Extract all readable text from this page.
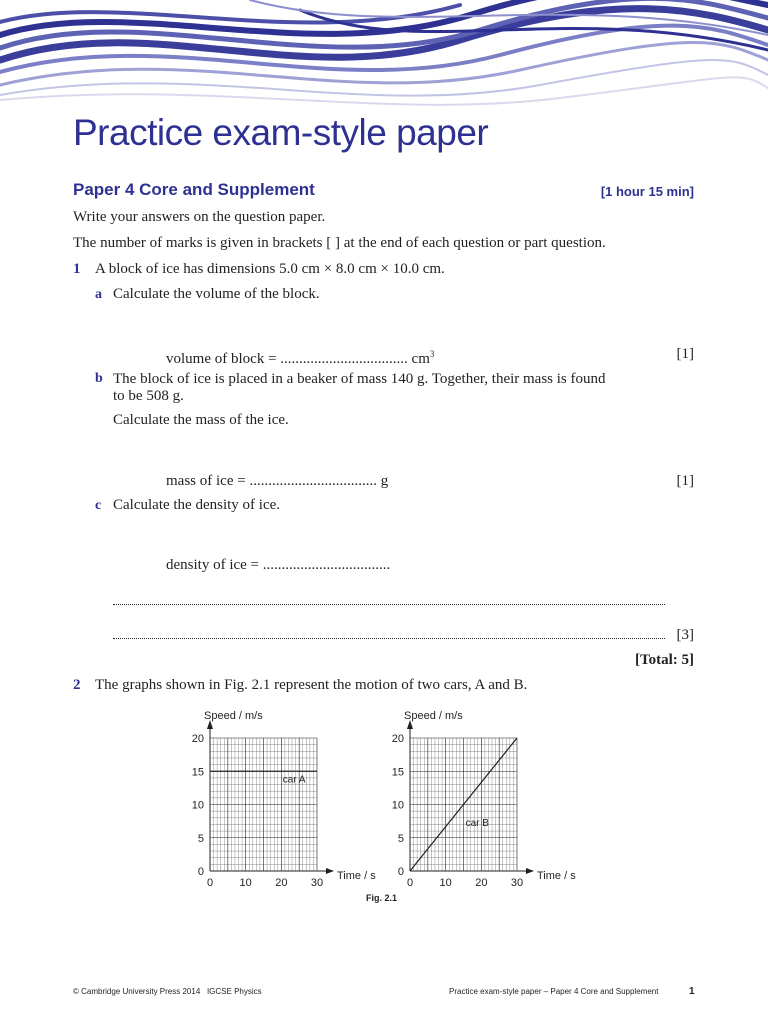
Practice exam-style paper
Paper 4 Core and Supplement	[1 hour 15 min]
Write your answers on the question paper.
The number of marks is given in brackets [ ] at the end of each question or part question.
1 A block of ice has dimensions 5.0 cm × 8.0 cm × 10.0 cm.
a Calculate the volume of the block.
volume of block = .................................. $cm^3$	[1]
b The block of ice is placed in a beaker of mass 140 g. Together, their mass is found
to be 508 g.
Calculate the mass of the ice.
mass of ice = .................................. g	[1]
c Calculate the density of ice.
density of ice = ..................................
[3]
[Total: 5]
2 The graphs shown in Fig. 2.1 represent the motion of two cars, A and B.
0
5
10
15
20
0 10 20 30
Speed / m/s
Time / s
car A
0
5
10
15
20
0 10 20 30
Speed / m/s
Time / s
car B
Fig. 2.1
© Cambridge University Press 2014 IGCSE Physics	Practice exam-style paper – Paper 4 Core and Supplement	1
